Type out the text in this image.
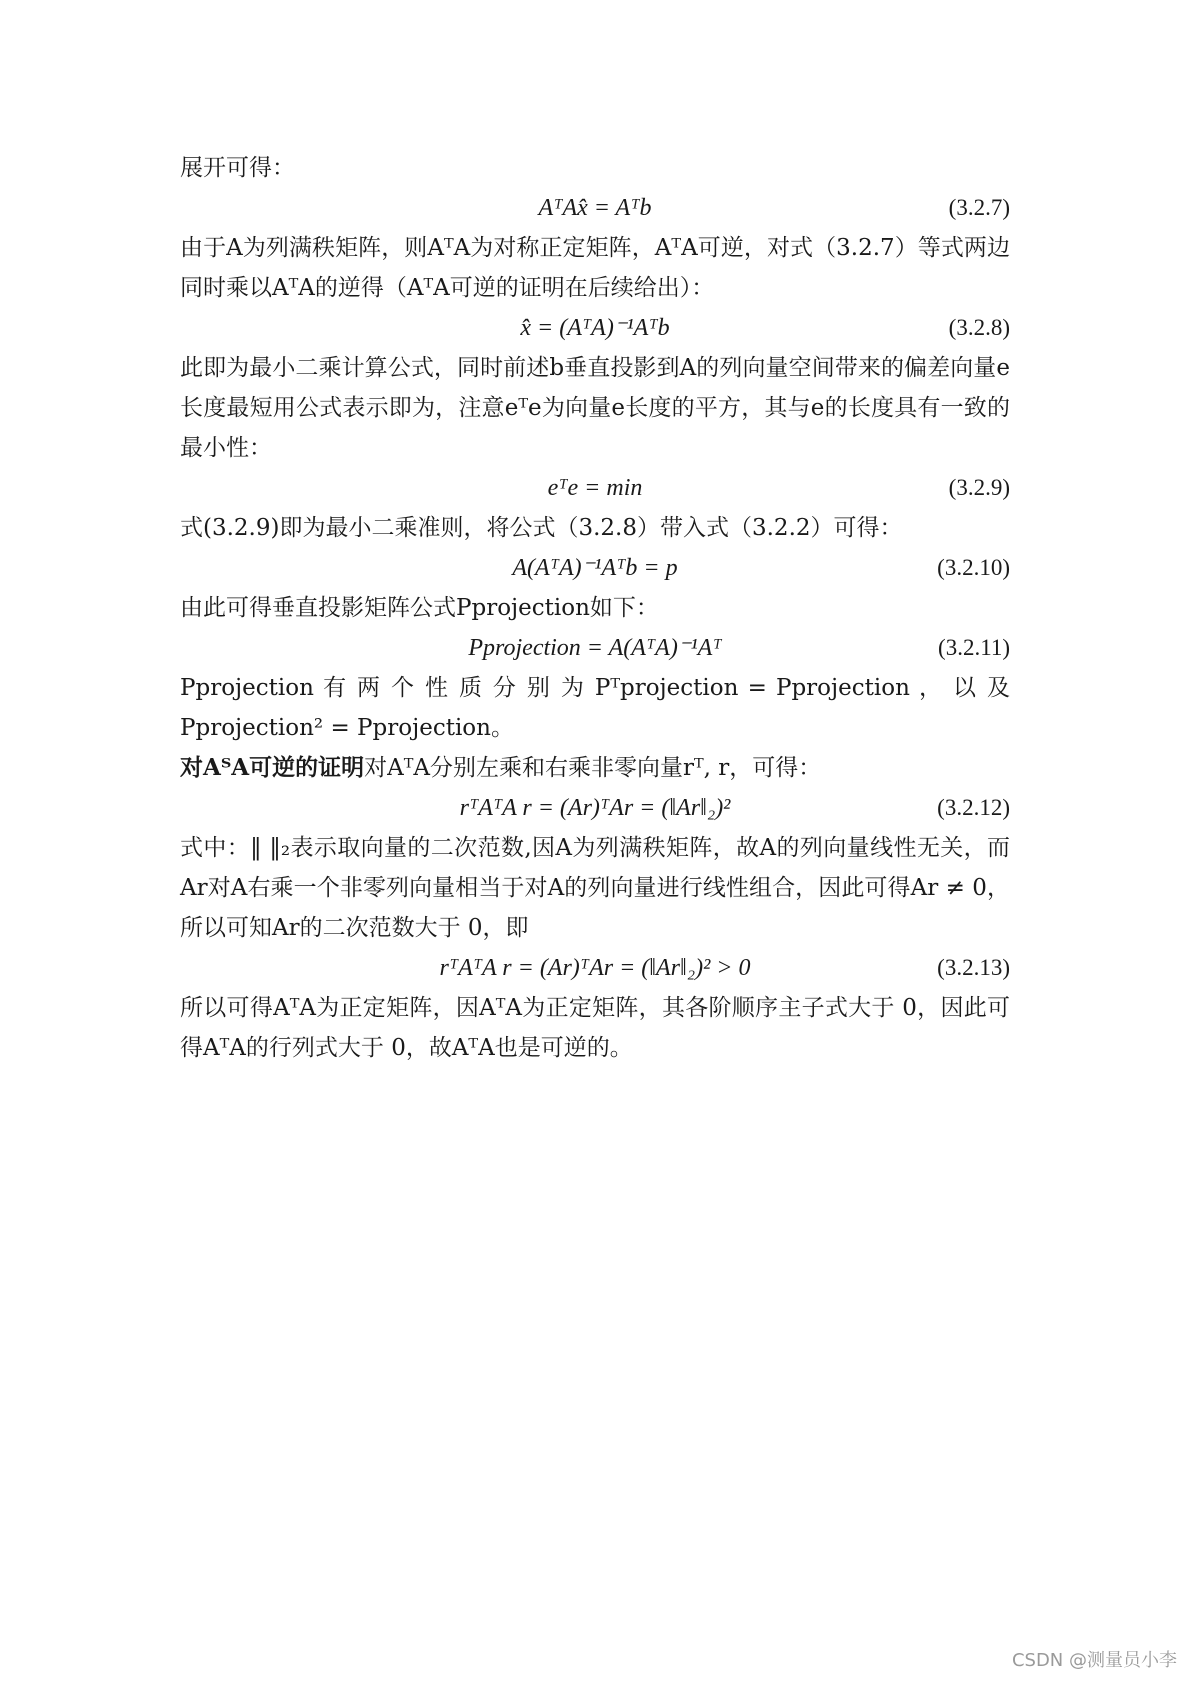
展开可得：

AᵀAx̂ = Aᵀb	(3.2.7)

由于A为列满秩矩阵，则AᵀA为对称正定矩阵，AᵀA可逆，对式（3.2.7）等式两边同时乘以AᵀA的逆得（AᵀA可逆的证明在后续给出）：

x̂ = (AᵀA)⁻¹Aᵀb	(3.2.8)

此即为最小二乘计算公式，同时前述b垂直投影到A的列向量空间带来的偏差向量e长度最短用公式表示即为，注意eᵀe为向量e长度的平方，其与e的长度具有一致的最小性：

eᵀe = min	(3.2.9)

式(3.2.9)即为最小二乘准则，将公式（3.2.8）带入式（3.2.2）可得：

A(AᵀA)⁻¹Aᵀb = p	(3.2.10)

由此可得垂直投影矩阵公式Pprojection如下：

Pprojection = A(AᵀA)⁻¹Aᵀ	(3.2.11)

Pprojection 有 两 个 性 质 分 别 为 Pᵀprojection = Pprojection ， 以 及 Pprojection² = Pprojection。

对AᵀA可逆的证明对AᵀA分别左乘和右乘非零向量rᵀ, r，可得：

rᵀAᵀA r = (Ar)ᵀAr = (‖Ar‖₂)²	(3.2.12)

式中：‖ ‖₂表示取向量的二次范数,因A为列满秩矩阵，故A的列向量线性无关，而Ar对A右乘一个非零列向量相当于对A的列向量进行线性组合，因此可得Ar ≠ 0，所以可知Ar的二次范数大于 0，即

rᵀAᵀA r = (Ar)ᵀAr = (‖Ar‖₂)² > 0	(3.2.13)

所以可得AᵀA为正定矩阵，因AᵀA为正定矩阵，其各阶顺序主子式大于 0，因此可得AᵀA的行列式大于 0，故AᵀA也是可逆的。

CSDN @测量员小李
